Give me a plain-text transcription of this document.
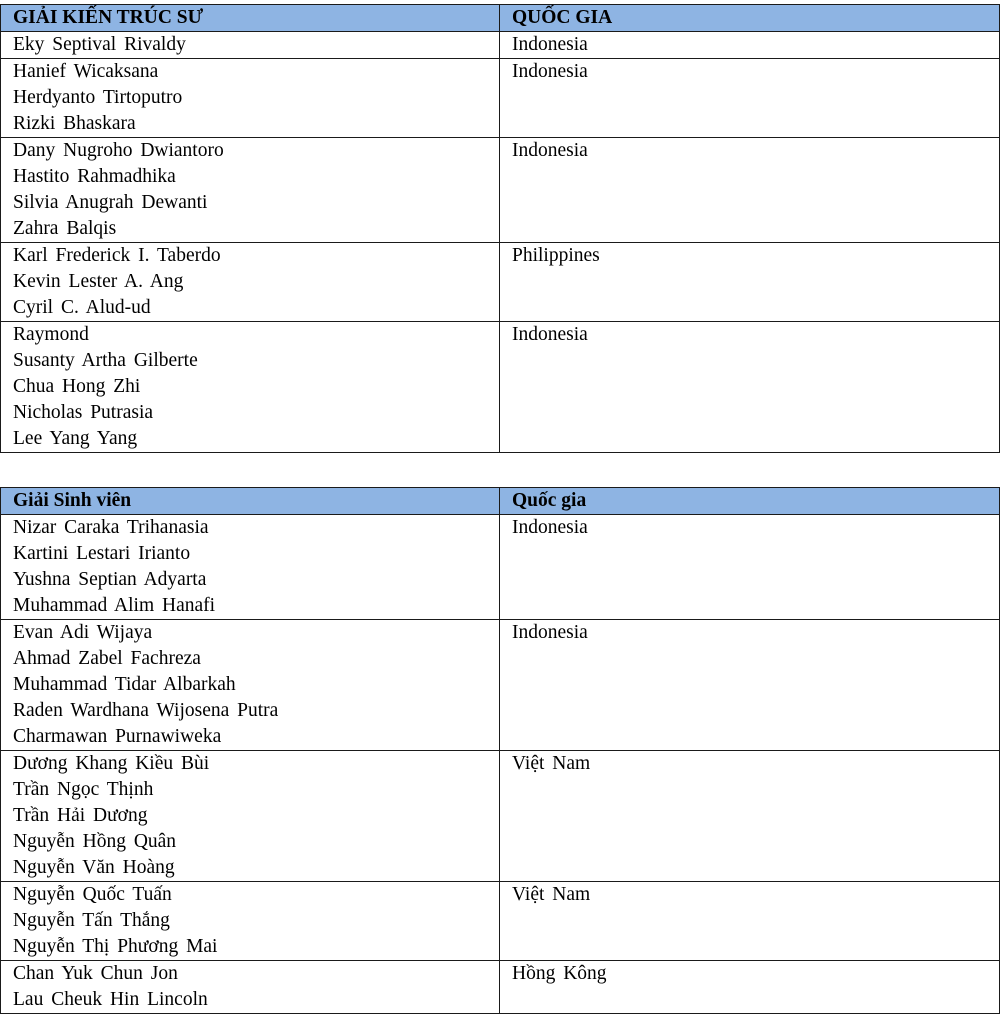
GIẢI KIẾN TRÚC SƯ	QUỐC GIA

Eky Septival Rivaldy	Indonesia

Hanief Wicaksana
Herdyanto Tirtoputro
Rizki Bhaskara	Indonesia

Dany Nugroho Dwiantoro
Hastito Rahmadhika
Silvia Anugrah Dewanti
Zahra Balqis	Indonesia

Karl Frederick I. Taberdo
Kevin Lester A. Ang
Cyril C. Alud-ud	Philippines

Raymond
Susanty Artha Gilberte
Chua Hong Zhi
Nicholas Putrasia
Lee Yang Yang	Indonesia
Giải Sinh viên	Quốc gia

Nizar Caraka Trihanasia
Kartini Lestari Irianto
Yushna Septian Adyarta
Muhammad Alim Hanafi	Indonesia

Evan Adi Wijaya
Ahmad Zabel Fachreza
Muhammad Tidar Albarkah
Raden Wardhana Wijosena Putra
Charmawan Purnawiweka	Indonesia

Dương Khang Kiều Bùi
Trần Ngọc Thịnh
Trần Hải Dương
Nguyễn Hồng Quân
Nguyễn Văn Hoàng	Việt Nam

Nguyễn Quốc Tuấn
Nguyễn Tấn Thắng
Nguyễn Thị Phương Mai	Việt Nam

Chan Yuk Chun Jon
Lau Cheuk Hin Lincoln	Hồng Kông
